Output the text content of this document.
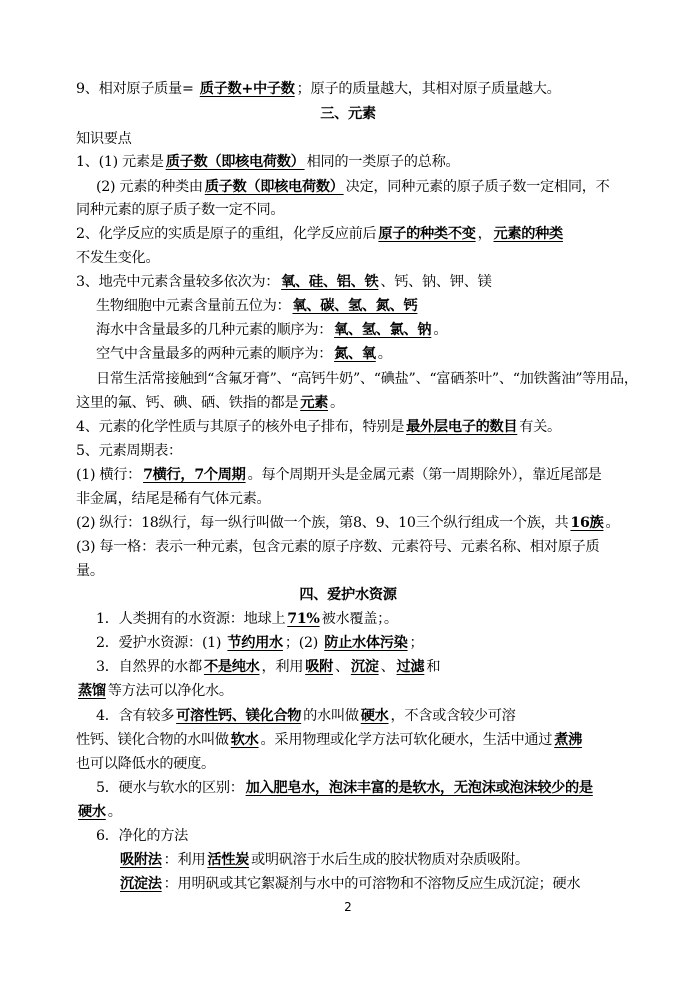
9、相对原子质量= 质子数+中子数 ；原子的质量越大，其相对原子质量越大。
三、元素
知识要点
1、(1) 元素是 质子数（即核电荷数） 相同的一类原子的总称。
(2) 元素的种类由 质子数（即核电荷数） 决定，同种元素的原子质子数一定相同，不
同种元素的原子质子数一定不同。
2、化学反应的实质是原子的重组，化学反应前后 原子的种类不变 ， 元素的种类
不发生变化。
3、地壳中元素含量较多依次为： 氧、硅、铝、铁 、钙、钠、钾、镁
生物细胞中元素含量前五位为： 氧、碳、氢、氮、钙
海水中含量最多的几种元素的顺序为： 氧、氢、氯、钠 。
空气中含量最多的两种元素的顺序为： 氮、氧 。
日常生活常接触到“含氟牙膏”、“高钙牛奶”、“碘盐”、“富硒茶叶”、“加铁酱油”等用品，
这里的氟、钙、碘、硒、铁指的都是 元素 。
4、元素的化学性质与其原子的核外电子排布，特别是 最外层电子的数目 有关。
5、元素周期表：
(1) 横行： 7横行，7个周期 。每个周期开头是金属元素（第一周期除外），靠近尾部是
非金属，结尾是稀有气体元素。
(2) 纵行：18纵行，每一纵行叫做一个族，第8、9、10三个纵行组成一个族，共 16族 。
(3) 每一格：表示一种元素，包含元素的原子序数、元素符号、元素名称、相对原子质
量。
四、爱护水资源
1．人类拥有的水资源：地球上 71% 被水覆盖；。
2．爱护水资源：(1) 节约用水 ；(2) 防止水体污染 ；
3．自然界的水都 不是纯水 ，利用 吸附 、 沉淀 、 过滤 和
蒸馏 等方法可以净化水。
4．含有较多 可溶性钙、镁化合物 的水叫做 硬水 ，不含或含较少可溶
性钙、镁化合物的水叫做 软水 。采用物理或化学方法可软化硬水，生活中通过 煮沸
也可以降低水的硬度。
5．硬水与软水的区别： 加入肥皂水，泡沫丰富的是软水，无泡沫或泡沫较少的是
硬水 。
6．净化的方法
吸附法 ：利用 活性炭 或明矾溶于水后生成的胶状物质对杂质吸附。
沉淀法 ：用明矾或其它絮凝剂与水中的可溶物和不溶物反应生成沉淀；硬水
2
